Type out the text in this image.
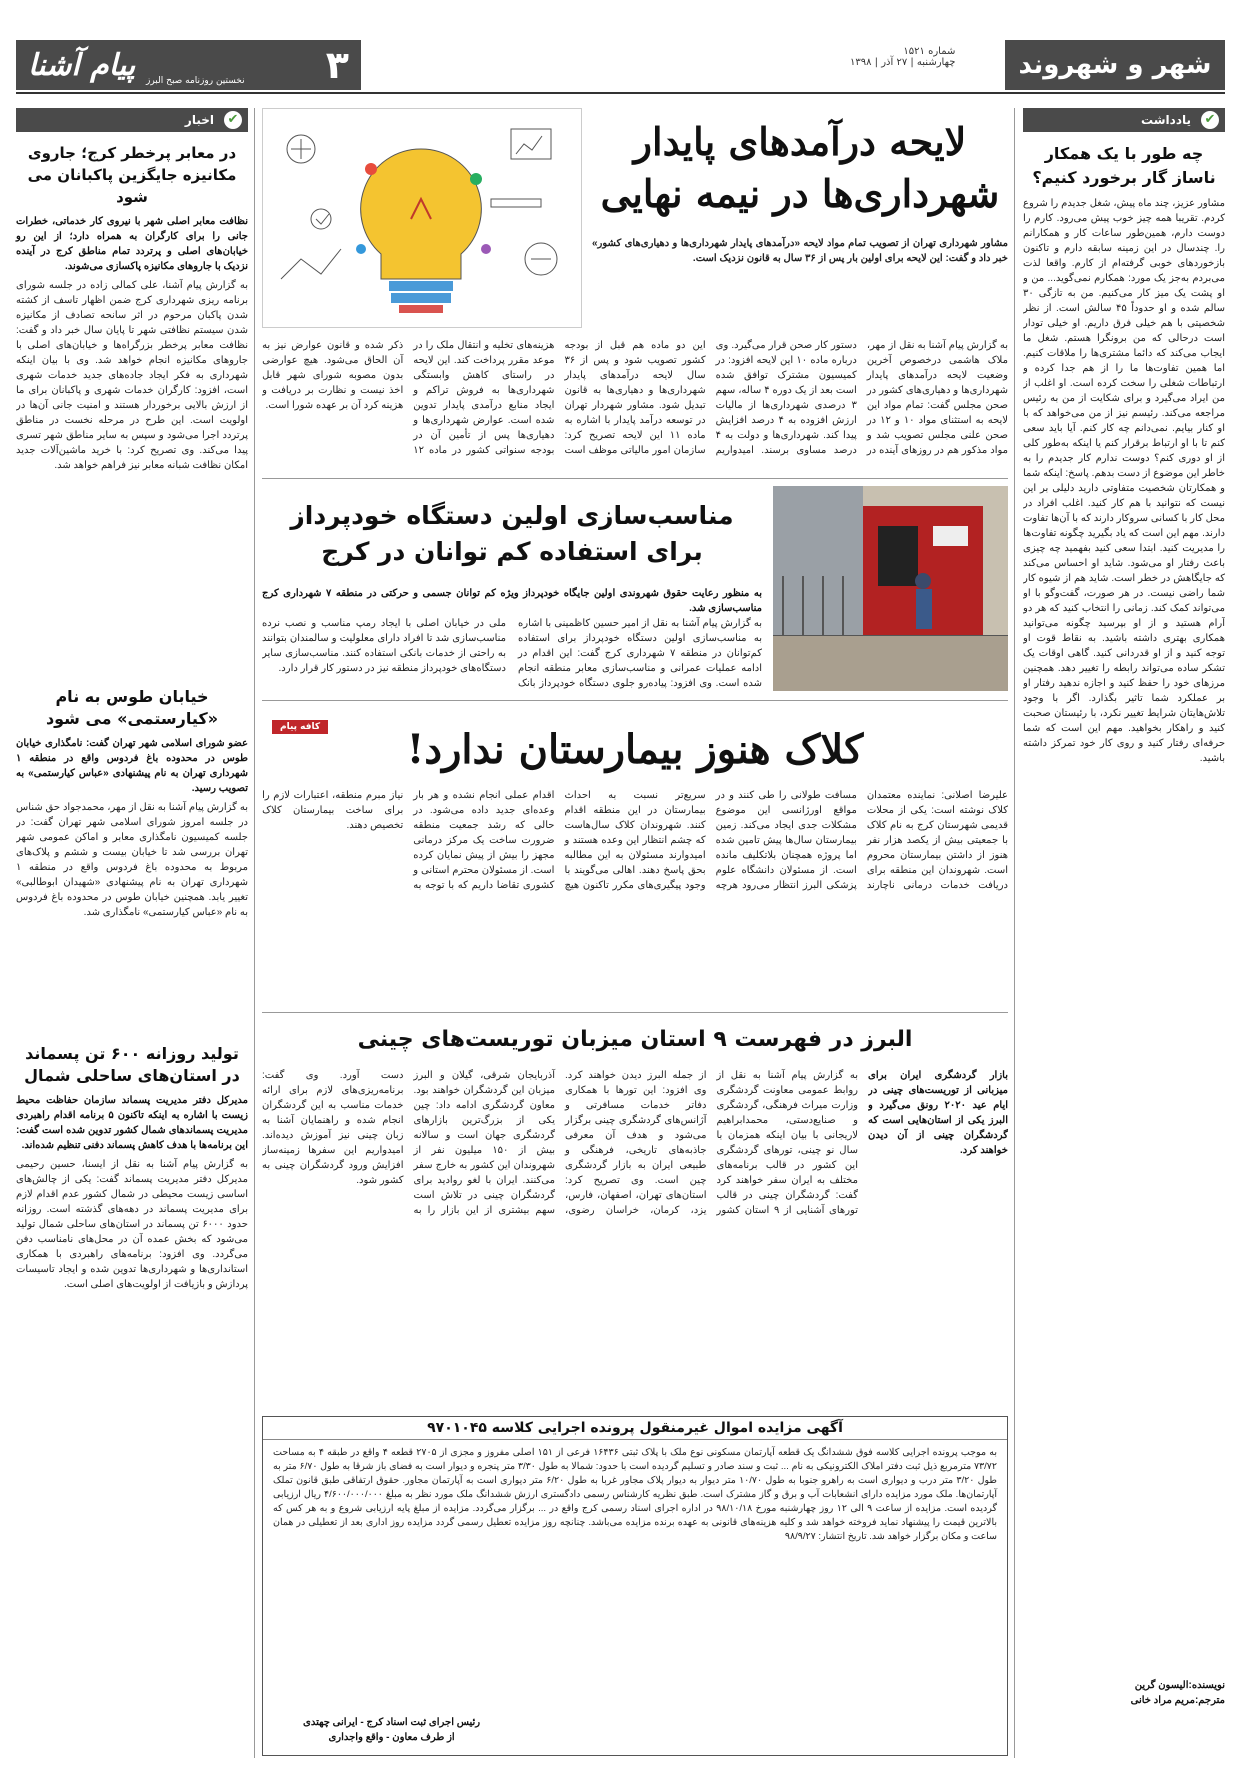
شهر و شهروند
۳
پیام آشنا نخستین روزنامه صبح البرز
شماره ۱۵۲۱
چهارشنبه | ۲۷ آذر | ۱۳۹۸
✔
یادداشت
چه طور با یک همکار ناساز گار برخورد کنیم؟
مشاور عزیز، چند ماه پیش، شغل جدیدم را شروع کردم. تقریبا همه چیز خوب پیش می‌رود. کارم را دوست دارم، همین‌طور ساعات کار و همکارانم را. چندسال در این زمینه سابقه دارم و تاکنون بازخوردهای خوبی گرفته‌ام از کارم. واقعا لذت می‌بردم به‌جز یک مورد: همکارم نمی‌گوید... من و او پشت یک میز کار می‌کنیم. من به تازگی ۳۰ سالم شده و او حدوداً ۴۵ سالش است. از نظر شخصیتی با هم خیلی فرق داریم. او خیلی تودار است درحالی که من برونگرا هستم. شغل ما ایجاب می‌کند که دائما مشتری‌ها را ملاقات کنیم. اما همین تفاوت‌ها ما را از هم جدا کرده و ارتباطات شغلی را سخت کرده است. او اغلب از من ایراد می‌گیرد و برای شکایت از من به رئیس مراجعه می‌کند. رئیسم نیز از من می‌خواهد که با او کنار بیایم. نمی‌دانم چه کار کنم. آیا باید سعی کنم تا با او ارتباط برقرار کنم یا اینکه به‌طور کلی از او دوری کنم؟ دوست ندارم کار جدیدم را به خاطر این موضوع از دست بدهم. پاسخ: اینکه شما و همکارتان شخصیت متفاوتی دارید دلیلی بر این نیست که نتوانید با هم کار کنید. اغلب افراد در محل کار با کسانی سروکار دارند که با آن‌ها تفاوت دارند. مهم این است که یاد بگیرید چگونه تفاوت‌ها را مدیریت کنید. ابتدا سعی کنید بفهمید چه چیزی باعث رفتار او می‌شود. شاید او احساس می‌کند که جایگاهش در خطر است. شاید هم از شیوه کار شما راضی نیست. در هر صورت، گفت‌وگو با او می‌تواند کمک کند. زمانی را انتخاب کنید که هر دو آرام هستید و از او بپرسید چگونه می‌توانید همکاری بهتری داشته باشید. به نقاط قوت او توجه کنید و از او قدردانی کنید. گاهی اوقات یک تشکر ساده می‌تواند رابطه را تغییر دهد. همچنین مرزهای خود را حفظ کنید و اجازه ندهید رفتار او بر عملکرد شما تاثیر بگذارد. اگر با وجود تلاش‌هایتان شرایط تغییر نکرد، با رئیستان صحبت کنید و راهکار بخواهید. مهم این است که شما حرفه‌ای رفتار کنید و روی کار خود تمرکز داشته باشید.
نویسنده:الیسون گرین
مترجم:مریم مراد خانی
✔
اخبار
در معابر پرخطر کرج؛ جاروی مکانیزه جایگزین پاکبانان می شود
نظافت معابر اصلی شهر با نیروی کار خدماتی، خطرات جانی را برای کارگران به همراه دارد؛ از این رو خیابان‌های اصلی و پرتردد تمام مناطق کرج در آینده نزدیک با جاروهای مکانیزه پاکسازی می‌شوند.
به گزارش پیام آشنا، علی کمالی زاده در جلسه شورای برنامه ریزی شهرداری کرج ضمن اظهار تاسف از کشته شدن پاکبان مرحوم در اثر سانحه تصادف از مکانیزه شدن سیستم نظافتی شهر تا پایان سال خبر داد و گفت: نظافت معابر پرخطر بزرگراه‌ها و خیابان‌های اصلی با جاروهای مکانیزه انجام خواهد شد. وی با بیان اینکه شهرداری به فکر ایجاد جاده‌های جدید خدمات شهری است، افزود: کارگران خدمات شهری و پاکبانان برای ما از ارزش بالایی برخوردار هستند و امنیت جانی آن‌ها در اولویت است. این طرح در مرحله نخست در مناطق پرتردد اجرا می‌شود و سپس به سایر مناطق شهر تسری پیدا می‌کند. وی تصریح کرد: با خرید ماشین‌آلات جدید امکان نظافت شبانه معابر نیز فراهم خواهد شد.
خیابان طوس به نام «کیارستمی» می شود
عضو شورای اسلامی شهر تهران گفت: نامگذاری خیابان طوس در محدوده باغ فردوس واقع در منطقه ۱ شهرداری تهران به نام پیشنهادی «عباس کیارستمی» به تصویب رسید.
به گزارش پیام آشنا به نقل از مهر، محمدجواد حق شناس در جلسه امروز شورای اسلامی شهر تهران گفت: در جلسه کمیسیون نامگذاری معابر و اماکن عمومی شهر تهران بررسی شد تا خیابان بیست و ششم و پلاک‌های مربوط به محدوده باغ فردوس واقع در منطقه ۱ شهرداری تهران به نام پیشنهادی «شهیدان ابوطالبی» تغییر یابد. همچنین خیابان طوس در محدوده باغ فردوس به نام «عباس کیارستمی» نامگذاری شد.
تولید روزانه ۶۰۰ تن پسماند در استان‌های ساحلی شمال
مدیرکل دفتر مدیریت پسماند سازمان حفاظت محیط زیست با اشاره به اینکه تاکنون ۵ برنامه اقدام راهبردی مدیریت پسماندهای شمال کشور تدوین شده است گفت: این برنامه‌ها با هدف کاهش پسماند دفنی تنظیم شده‌اند.
به گزارش پیام آشنا به نقل از ایسنا، حسین رحیمی مدیرکل دفتر مدیریت پسماند گفت: یکی از چالش‌های اساسی زیست محیطی در شمال کشور عدم اقدام لازم برای مدیریت پسماند در دهه‌های گذشته است. روزانه حدود ۶۰۰۰ تن پسماند در استان‌های ساحلی شمال تولید می‌شود که بخش عمده آن در محل‌های نامناسب دفن می‌گردد. وی افزود: برنامه‌های راهبردی با همکاری استانداری‌ها و شهرداری‌ها تدوین شده و ایجاد تاسیسات پردازش و بازیافت از اولویت‌های اصلی است.
لایحه درآمدهای پایدار
شهرداری‌ها در نیمه نهایی
مشاور شهرداری تهران از تصویب تمام مواد لایحه «درآمدهای پایدار شهرداری‌ها و دهیاری‌های کشور» خبر داد و گفت: این لایحه برای اولین بار پس از ۳۶ سال به قانون نزدیک است.
به گزارش پیام آشنا به نقل از مهر، ملاک هاشمی درخصوص آخرین وضعیت لایحه درآمدهای پایدار شهرداری‌ها و دهیاری‌های کشور در صحن مجلس گفت: تمام مواد این لایحه به استثنای مواد ۱۰ و ۱۲ در صحن علنی مجلس تصویب شد و مواد مذکور هم در روزهای آینده در دستور کار صحن قرار می‌گیرد. وی درباره ماده ۱۰ این لایحه افزود: در کمیسیون مشترک توافق شده است بعد از یک دوره ۴ ساله، سهم ۳ درصدی شهرداری‌ها از مالیات ارزش افزوده به ۴ درصد افزایش پیدا کند. شهرداری‌ها و دولت به ۴ درصد مساوی برسند. امیدواریم این دو ماده هم قبل از بودجه کشور تصویب شود و پس از ۳۶ سال لایحه درآمدهای پایدار شهرداری‌ها و دهیاری‌ها به قانون تبدیل شود. مشاور شهردار تهران در توسعه درآمد پایدار با اشاره به ماده ۱۱ این لایحه تصریح کرد: سازمان امور مالیاتی موظف است هزینه‌های تخلیه و انتقال ملک را در موعد مقرر پرداخت کند. این لایحه در راستای کاهش وابستگی شهرداری‌ها به فروش تراکم و ایجاد منابع درآمدی پایدار تدوین شده است. عوارض شهرداری‌ها و دهیاری‌ها پس از تأمین آن در بودجه سنواتی کشور در ماده ۱۲ ذکر شده و قانون عوارض نیز به آن الحاق می‌شود. هیچ عوارضی بدون مصوبه شورای شهر قابل اخذ نیست و نظارت بر دریافت و هزینه کرد آن بر عهده شورا است.
مناسب‌سازی اولین دستگاه خودپرداز
برای استفاده کم توانان در کرج
به منظور رعایت حقوق شهروندی اولین جایگاه خودپرداز ویژه کم توانان جسمی و حرکتی در منطقه ۷ شهرداری کرج مناسب‌سازی شد.
به گزارش پیام آشنا به نقل از امیر حسین کاظمینی با اشاره به مناسب‌سازی اولین دستگاه خودپرداز برای استفاده کم‌توانان در منطقه ۷ شهرداری کرج گفت: این اقدام در ادامه عملیات عمرانی و مناسب‌سازی معابر منطقه انجام شده است. وی افزود: پیاده‌رو جلوی دستگاه خودپرداز بانک ملی در خیابان اصلی با ایجاد رمپ مناسب و نصب نرده مناسب‌سازی شد تا افراد دارای معلولیت و سالمندان بتوانند به راحتی از خدمات بانکی استفاده کنند. مناسب‌سازی سایر دستگاه‌های خودپرداز منطقه نیز در دستور کار قرار دارد.
کافه پیام	کلاک هنوز بیمارستان ندارد!
علیرضا اصلانی: نماینده معتمدان کلاک نوشته است: یکی از محلات قدیمی شهرستان کرج به نام کلاک با جمعیتی بیش از یکصد هزار نفر هنوز از داشتن بیمارستان محروم است. شهروندان این منطقه برای دریافت خدمات درمانی ناچارند مسافت طولانی را طی کنند و در مواقع اورژانسی این موضوع مشکلات جدی ایجاد می‌کند. زمین بیمارستان سال‌ها پیش تامین شده اما پروژه همچنان بلاتکلیف مانده است. از مسئولان دانشگاه علوم پزشکی البرز انتظار می‌رود هرچه سریع‌تر نسبت به احداث بیمارستان در این منطقه اقدام کنند. شهروندان کلاک سال‌هاست که چشم انتظار این وعده هستند و امیدوارند مسئولان به این مطالبه بحق پاسخ دهند. اهالی می‌گویند با وجود پیگیری‌های مکرر تاکنون هیچ اقدام عملی انجام نشده و هر بار وعده‌ای جدید داده می‌شود. در حالی که رشد جمعیت منطقه ضرورت ساخت یک مرکز درمانی مجهز را بیش از پیش نمایان کرده است. از مسئولان محترم استانی و کشوری تقاضا داریم که با توجه به نیاز مبرم منطقه، اعتبارات لازم را برای ساخت بیمارستان کلاک تخصیص دهند.
البرز در فهرست ۹ استان میزبان توریست‌های چینی
بازار گردشگری ایران برای میزبانی از توریست‌های چینی در ایام عید ۲۰۲۰ رونق می‌گیرد و البرز یکی از استان‌هایی است که گردشگران چینی از آن دیدن خواهند کرد.
به گزارش پیام آشنا به نقل از روابط عمومی معاونت گردشگری وزارت میراث فرهنگی، گردشگری و صنایع‌دستی، محمدابراهیم لاریجانی با بیان اینکه همزمان با سال نو چینی، تورهای گردشگری این کشور در قالب برنامه‌های مختلف به ایران سفر خواهند کرد گفت: گردشگران چینی در قالب تورهای آشنایی از ۹ استان کشور از جمله البرز دیدن خواهند کرد. وی افزود: این تورها با همکاری دفاتر خدمات مسافرتی و آژانس‌های گردشگری چینی برگزار می‌شود و هدف آن معرفی جاذبه‌های تاریخی، فرهنگی و طبیعی ایران به بازار گردشگری چین است. وی تصریح کرد: استان‌های تهران، اصفهان، فارس، یزد، کرمان، خراسان رضوی، آذربایجان شرقی، گیلان و البرز میزبان این گردشگران خواهند بود. معاون گردشگری ادامه داد: چین یکی از بزرگ‌ترین بازارهای گردشگری جهان است و سالانه بیش از ۱۵۰ میلیون نفر از شهروندان این کشور به خارج سفر می‌کنند. ایران با لغو روادید برای گردشگران چینی در تلاش است سهم بیشتری از این بازار را به دست آورد. وی گفت: برنامه‌ریزی‌های لازم برای ارائه خدمات مناسب به این گردشگران انجام شده و راهنمایان آشنا به زبان چینی نیز آموزش دیده‌اند. امیدواریم این سفرها زمینه‌ساز افزایش ورود گردشگران چینی به کشور شود.
آگهی مزایده اموال غیرمنقول پرونده اجرایی کلاسه ۹۷۰۱۰۴۵
به موجب پرونده اجرایی کلاسه فوق ششدانگ یک قطعه آپارتمان مسکونی نوع ملک با پلاک ثبتی ۱۶۴۳۶ فرعی از ۱۵۱ اصلی مفروز و مجزی از ۲۷۰۵ قطعه ۴ واقع در طبقه ۴ به مساحت ۷۳/۷۲ مترمربع ذیل ثبت دفتر املاک الکترونیکی به نام ... ثبت و سند صادر و تسلیم گردیده است با حدود: شمالا به طول ۳/۳۰ متر پنجره و دیوار است به فضای باز شرقا به طول ۶/۷۰ متر به طول ۳/۲۰ متر درب و دیواری است به راهرو جنوبا به طول ۱۰/۷۰ متر دیوار به دیوار پلاک مجاور غربا به طول ۶/۲۰ متر دیواری است به آپارتمان مجاور. حقوق ارتفاقی طبق قانون تملک آپارتمان‌ها. ملک مورد مزایده دارای انشعابات آب و برق و گاز مشترک است. طبق نظریه کارشناس رسمی دادگستری ارزش ششدانگ ملک مورد نظر به مبلغ ۴/۶۰۰/۰۰۰/۰۰۰ ریال ارزیابی گردیده است. مزایده از ساعت ۹ الی ۱۲ روز چهارشنبه مورخ ۹۸/۱۰/۱۸ در اداره اجرای اسناد رسمی کرج واقع در ... برگزار می‌گردد. مزایده از مبلغ پایه ارزیابی شروع و به هر کس که بالاترین قیمت را پیشنهاد نماید فروخته خواهد شد و کلیه هزینه‌های قانونی به عهده برنده مزایده می‌باشد. چنانچه روز مزایده تعطیل رسمی گردد مزایده روز اداری بعد از تعطیلی در همان ساعت و مکان برگزار خواهد شد. تاریخ انتشار: ۹۸/۹/۲۷
رئیس اجرای ثبت اسناد کرج - ایرانی چهتدی
از طرف معاون - واقع واجداری
